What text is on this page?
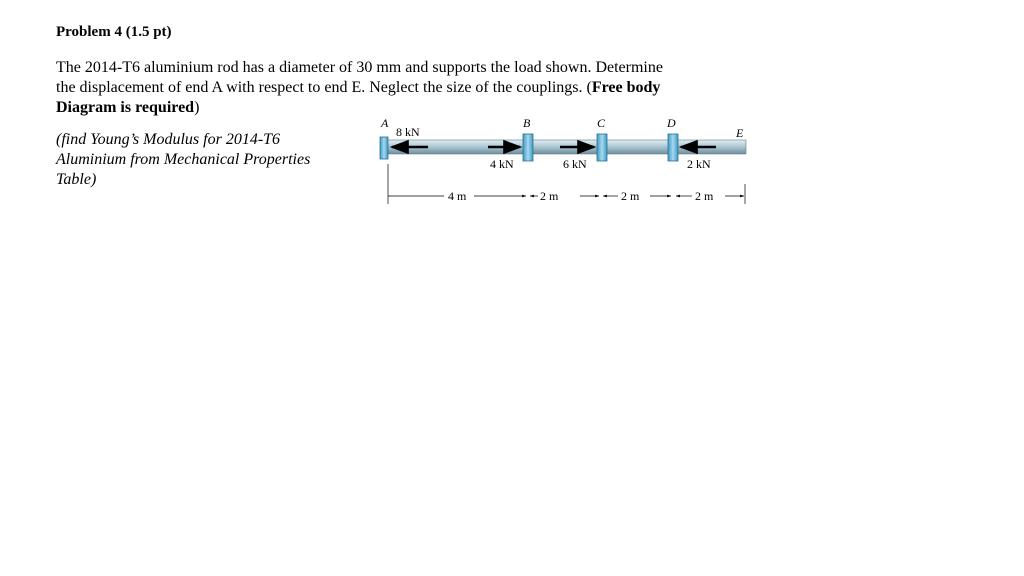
Problem 4 (1.5 pt)
The 2014-T6 aluminium rod has a diameter of 30 mm and supports the load shown. Determine
the displacement of end A with respect to end E. Neglect the size of the couplings. (Free body
Diagram is required)
(find Young’s Modulus for 2014-T6
Aluminium from Mechanical Properties
Table)
A	B	C	D
E
8 kN
4 kN	6 kN	2 kN
4 m	2 m	2 m	2 m
